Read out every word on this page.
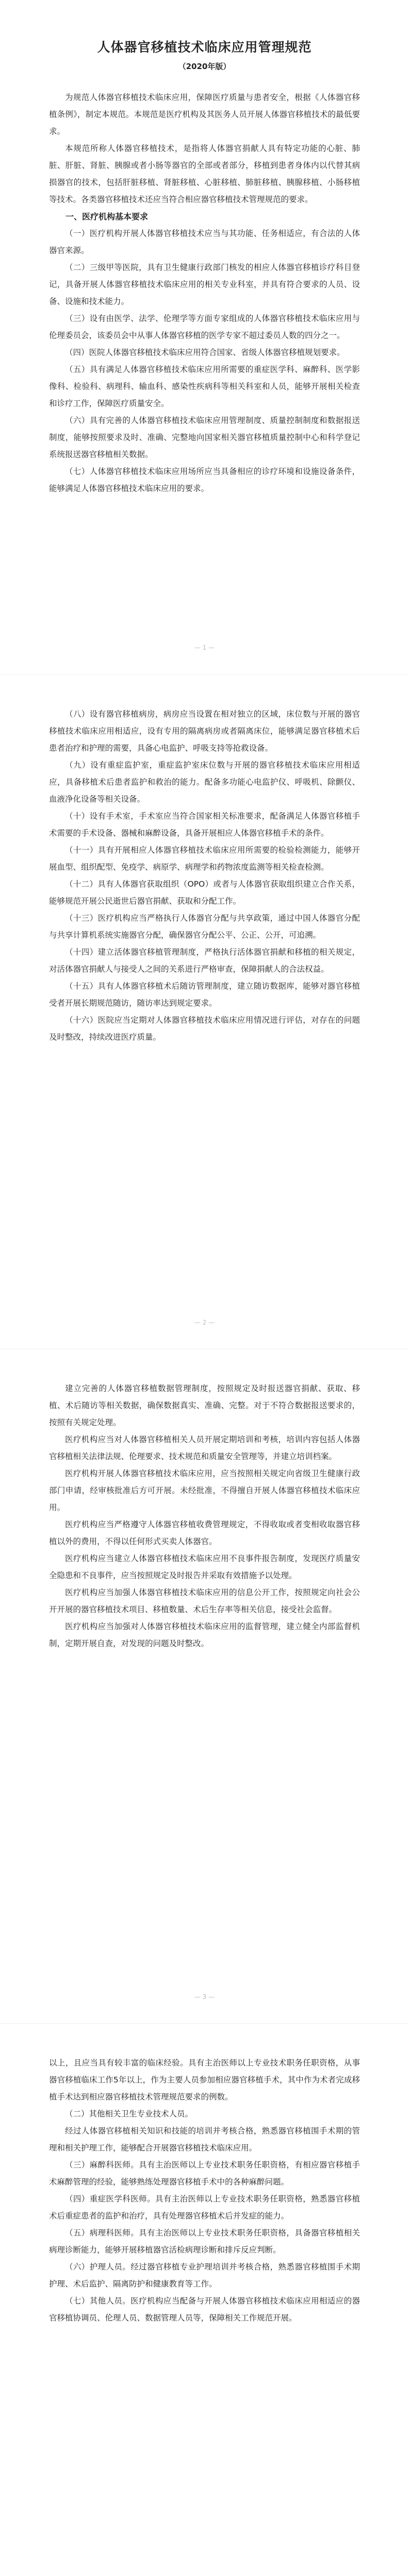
人体器官移植技术临床应用管理规范
（2020年版）

为规范人体器官移植技术临床应用，保障医疗质量与患者安全，根据《人体器官移植条例》，制定本规范。本规范是医疗机构及其医务人员开展人体器官移植技术的最低要求。

本规范所称人体器官移植技术，是指将人体器官捐献人具有特定功能的心脏、肺脏、肝脏、肾脏、胰腺或者小肠等器官的全部或者部分，移植到患者身体内以代替其病损器官的技术，包括肝脏移植、肾脏移植、心脏移植、肺脏移植、胰腺移植、小肠移植等技术。各类器官移植技术还应当符合相应器官移植技术管理规范的要求。

一、医疗机构基本要求

（一）医疗机构开展人体器官移植技术应当与其功能、任务相适应，有合法的人体器官来源。

（二）三级甲等医院，具有卫生健康行政部门核发的相应人体器官移植诊疗科目登记，具备开展人体器官移植技术临床应用的相关专业科室，并具有符合要求的人员、设备、设施和技术能力。

（三）设有由医学、法学、伦理学等方面专家组成的人体器官移植技术临床应用与伦理委员会，该委员会中从事人体器官移植的医学专家不超过委员人数的四分之一。

（四）医院人体器官移植技术临床应用符合国家、省级人体器官移植规划要求。

（五）具有满足人体器官移植技术临床应用所需要的重症医学科、麻醉科、医学影像科、检验科、病理科、输血科、感染性疾病科等相关科室和人员，能够开展相关检查和诊疗工作，保障医疗质量安全。

（六）具有完善的人体器官移植技术临床应用管理制度、质量控制制度和数据报送制度，能够按照要求及时、准确、完整地向国家相关器官移植质量控制中心和科学登记系统报送器官移植相关数据。

（七）人体器官移植技术临床应用场所应当具备相应的诊疗环境和设施设备条件，能够满足人体器官移植技术临床应用的要求。

— 1 —

（八）设有器官移植病房，病房应当设置在相对独立的区域，床位数与开展的器官移植技术临床应用相适应，设有专用的隔离病房或者隔离床位，能够满足器官移植术后患者治疗和护理的需要，具备心电监护、呼吸支持等抢救设备。

（九）设有重症监护室，重症监护室床位数与开展的器官移植技术临床应用相适应，具备移植术后患者监护和救治的能力。配备多功能心电监护仪、呼吸机、除颤仪、血液净化设备等相关设备。

（十）设有手术室，手术室应当符合国家相关标准要求，配备满足人体器官移植手术需要的手术设备、器械和麻醉设备，具备开展相应人体器官移植手术的条件。

（十一）具有开展相应人体器官移植技术临床应用所需要的检验检测能力，能够开展血型、组织配型、免疫学、病原学、病理学和药物浓度监测等相关检查检测。

（十二）具有人体器官获取组织（OPO）或者与人体器官获取组织建立合作关系，能够规范开展公民逝世后器官捐献、获取和分配工作。

（十三）医疗机构应当严格执行人体器官分配与共享政策，通过中国人体器官分配与共享计算机系统实施器官分配，确保器官分配公平、公正、公开，可追溯。

（十四）建立活体器官移植管理制度，严格执行活体器官捐献和移植的相关规定，对活体器官捐献人与接受人之间的关系进行严格审查，保障捐献人的合法权益。

（十五）具有人体器官移植术后随访管理制度，建立随访数据库，能够对器官移植受者开展长期规范随访，随访率达到规定要求。

（十六）医院应当定期对人体器官移植技术临床应用情况进行评估，对存在的问题及时整改，持续改进医疗质量。

— 2 —

建立完善的人体器官移植数据管理制度，按照规定及时报送器官捐献、获取、移植、术后随访等相关数据，确保数据真实、准确、完整。对于不符合数据报送要求的，按照有关规定处理。

医疗机构应当对人体器官移植相关人员开展定期培训和考核，培训内容包括人体器官移植相关法律法规、伦理要求、技术规范和质量安全管理等，并建立培训档案。

医疗机构开展人体器官移植技术临床应用，应当按照相关规定向省级卫生健康行政部门申请，经审核批准后方可开展。未经批准，不得擅自开展人体器官移植技术临床应用。

医疗机构应当严格遵守人体器官移植收费管理规定，不得收取或者变相收取器官移植以外的费用，不得以任何形式买卖人体器官。

医疗机构应当建立人体器官移植技术临床应用不良事件报告制度，发现医疗质量安全隐患和不良事件，应当按照规定及时报告并采取有效措施予以处理。

医疗机构应当加强人体器官移植技术临床应用的信息公开工作，按照规定向社会公开开展的器官移植技术项目、移植数量、术后生存率等相关信息，接受社会监督。

医疗机构应当加强对人体器官移植技术临床应用的监督管理，建立健全内部监督机制，定期开展自查，对发现的问题及时整改。

— 3 —

以上，且应当具有较丰富的临床经验。具有主治医师以上专业技术职务任职资格，从事器官移植临床工作5年以上，作为主要人员参加相应器官移植手术，其中作为术者完成移植手术达到相应器官移植技术管理规范要求的例数。

（二）其他相关卫生专业技术人员。

经过人体器官移植相关知识和技能的培训并考核合格，熟悉器官移植围手术期的管理和相关护理工作，能够配合开展器官移植技术临床应用。

（三）麻醉科医师。具有主治医师以上专业技术职务任职资格，有相应器官移植手术麻醉管理的经验，能够熟练处理器官移植手术中的各种麻醉问题。

（四）重症医学科医师。具有主治医师以上专业技术职务任职资格，熟悉器官移植术后重症患者的监护和治疗，具有处理器官移植术后并发症的能力。

（五）病理科医师。具有主治医师以上专业技术职务任职资格，具备器官移植相关病理诊断能力，能够开展移植器官活检病理诊断和排斥反应判断。

（六）护理人员。经过器官移植专业护理培训并考核合格，熟悉器官移植围手术期护理、术后监护、隔离防护和健康教育等工作。

（七）其他人员。医疗机构应当配备与开展人体器官移植技术临床应用相适应的器官移植协调员、伦理人员、数据管理人员等，保障相关工作规范开展。
